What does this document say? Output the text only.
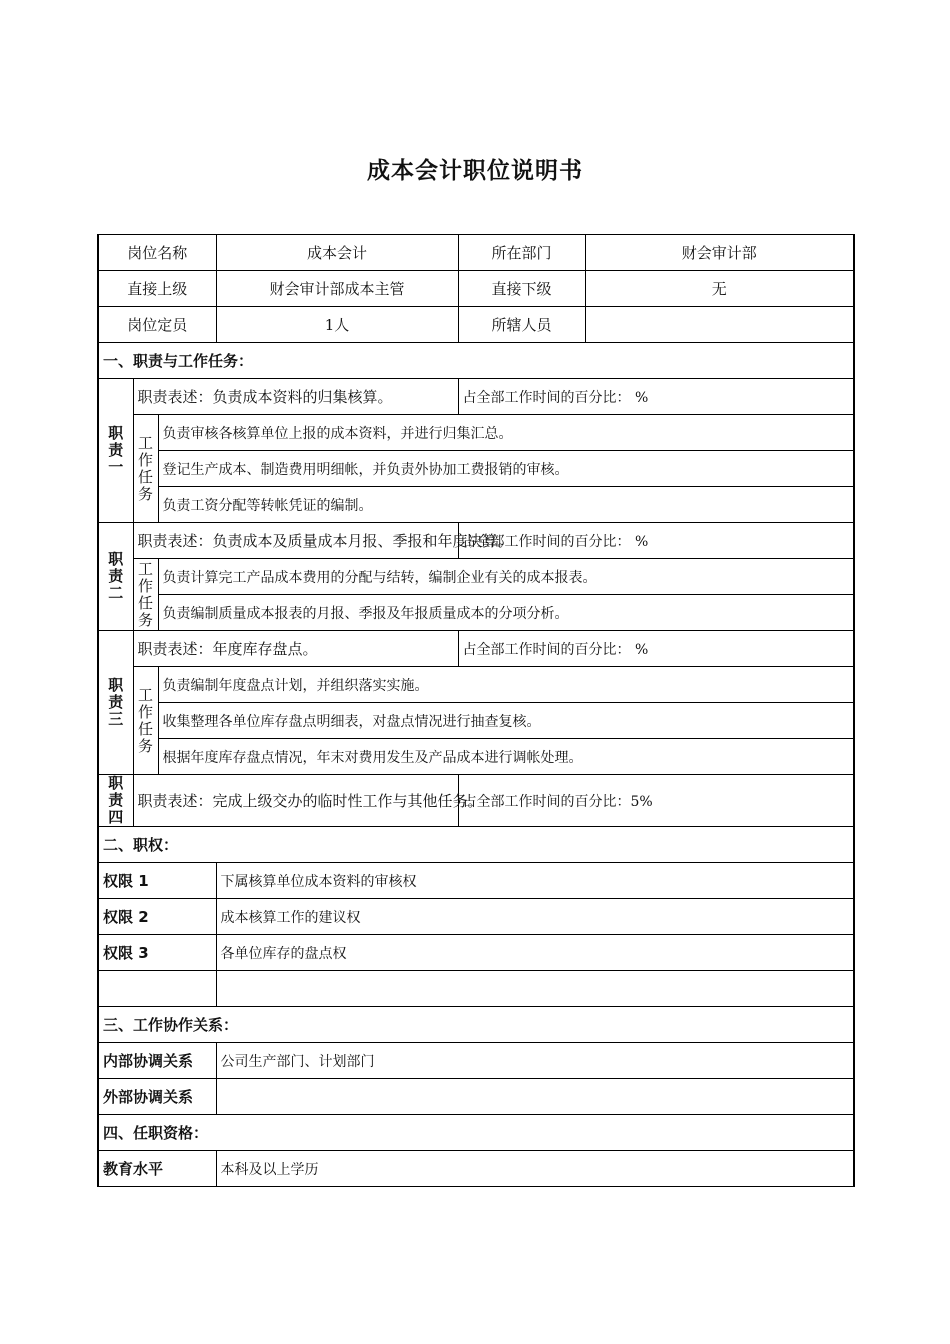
成本会计职位说明书
岗位名称			成本会计	所在部门	财会审计部
直接上级			财会审计部成本主管	直接下级	无
岗位定员			1人	所辖人员	
一、职责与工作任务：					

职
责
一	职责表述：负责成本资料的归集核算。			占全部工作时间的百分比： %	

	工
作
任
务	负责审核各核算单位上报的成本资料，并进行归集汇总。			
		登记生产成本、制造费用明细帐，并负责外协加工费报销的审核。			
		负责工资分配等转帐凭证的编制。			

职
责
二	职责表述：负责成本及质量成本月报、季报和年度决算。			占全部工作时间的百分比： %	

	工
作
任
务	负责计算完工产品成本费用的分配与结转，编制企业有关的成本报表。			
		负责编制质量成本报表的月报、季报及年报质量成本的分项分析。			

职
责
三	职责表述：年度库存盘点。			占全部工作时间的百分比： %	

	工
作
任
务	负责编制年度盘点计划，并组织落实实施。			
		收集整理各单位库存盘点明细表，对盘点情况进行抽查复核。			
		根据年度库存盘点情况，年末对费用发生及产品成本进行调帐处理。			

职
责
四	职责表述：完成上级交办的临时性工作与其他任务。			占全部工作时间的百分比：5%	
二、职权：					
权限 1			下属核算单位成本资料的审核权		
权限 2			成本核算工作的建议权		
权限 3			各单位库存的盘点权		

三、工作协作关系：					
内部协调关系			公司生产部门、计划部门		
外部协调关系					
四、任职资格：					
教育水平			本科及以上学历		
